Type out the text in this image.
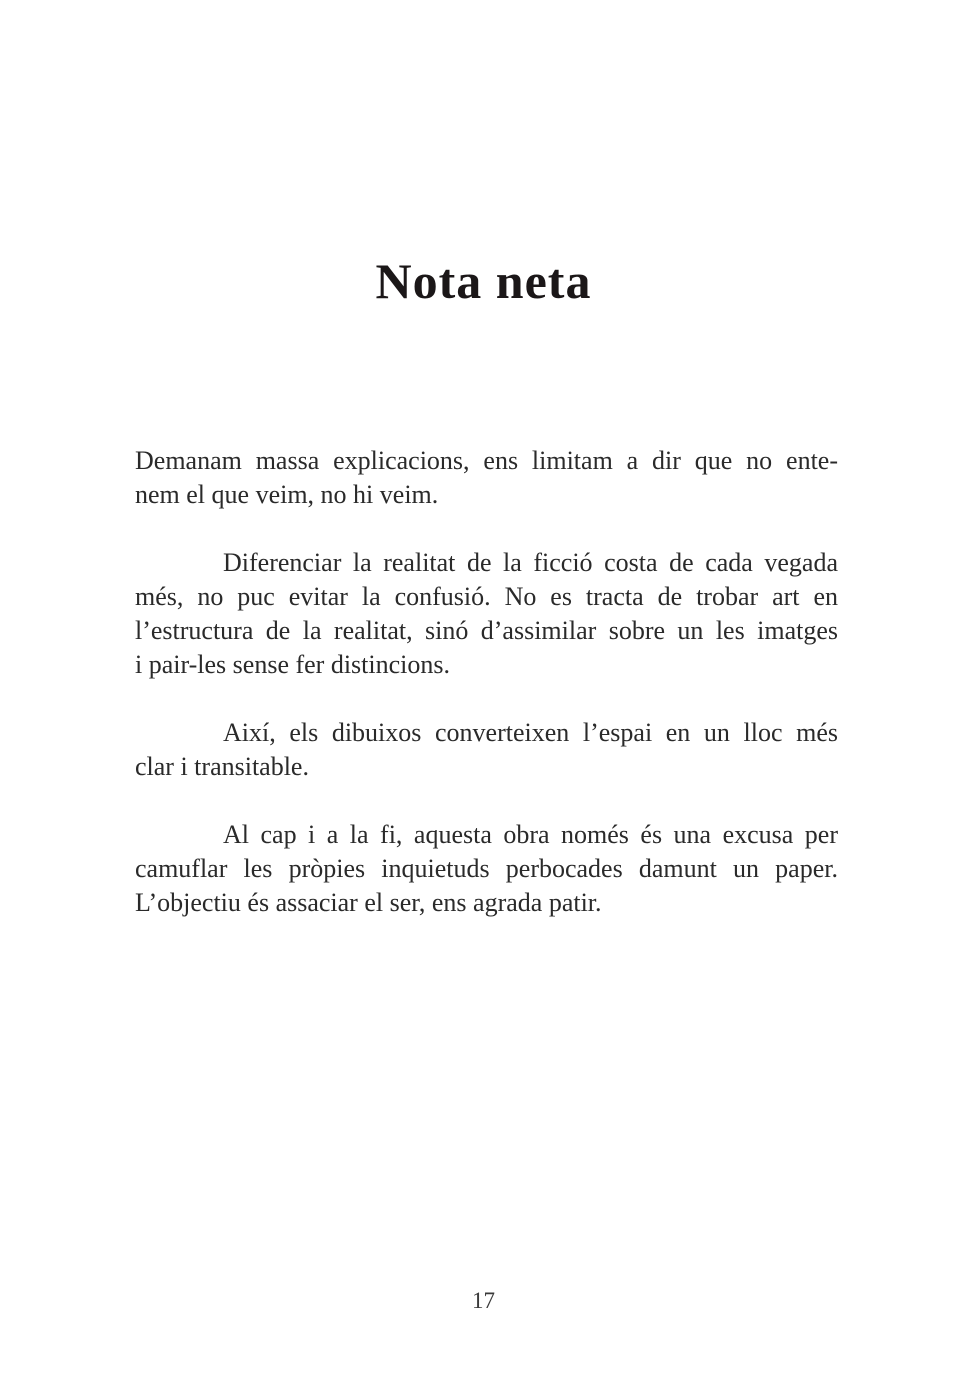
Nota neta
Demanam massa explicacions, ens limitam a dir que no ente-
nem el que veim, no hi veim.
Diferenciar la realitat de la ficció costa de cada vegada
més, no puc evitar la confusió. No es tracta de trobar art en
l’estructura de la realitat, sinó d’assimilar sobre un les imatges
i pair-les sense fer distincions.
Així, els dibuixos converteixen l’espai en un lloc més
clar i transitable.
Al cap i a la fi, aquesta obra només és una excusa per
camuflar les pròpies inquietuds perbocades damunt un paper.
L’objectiu és assaciar el ser, ens agrada patir.
17
